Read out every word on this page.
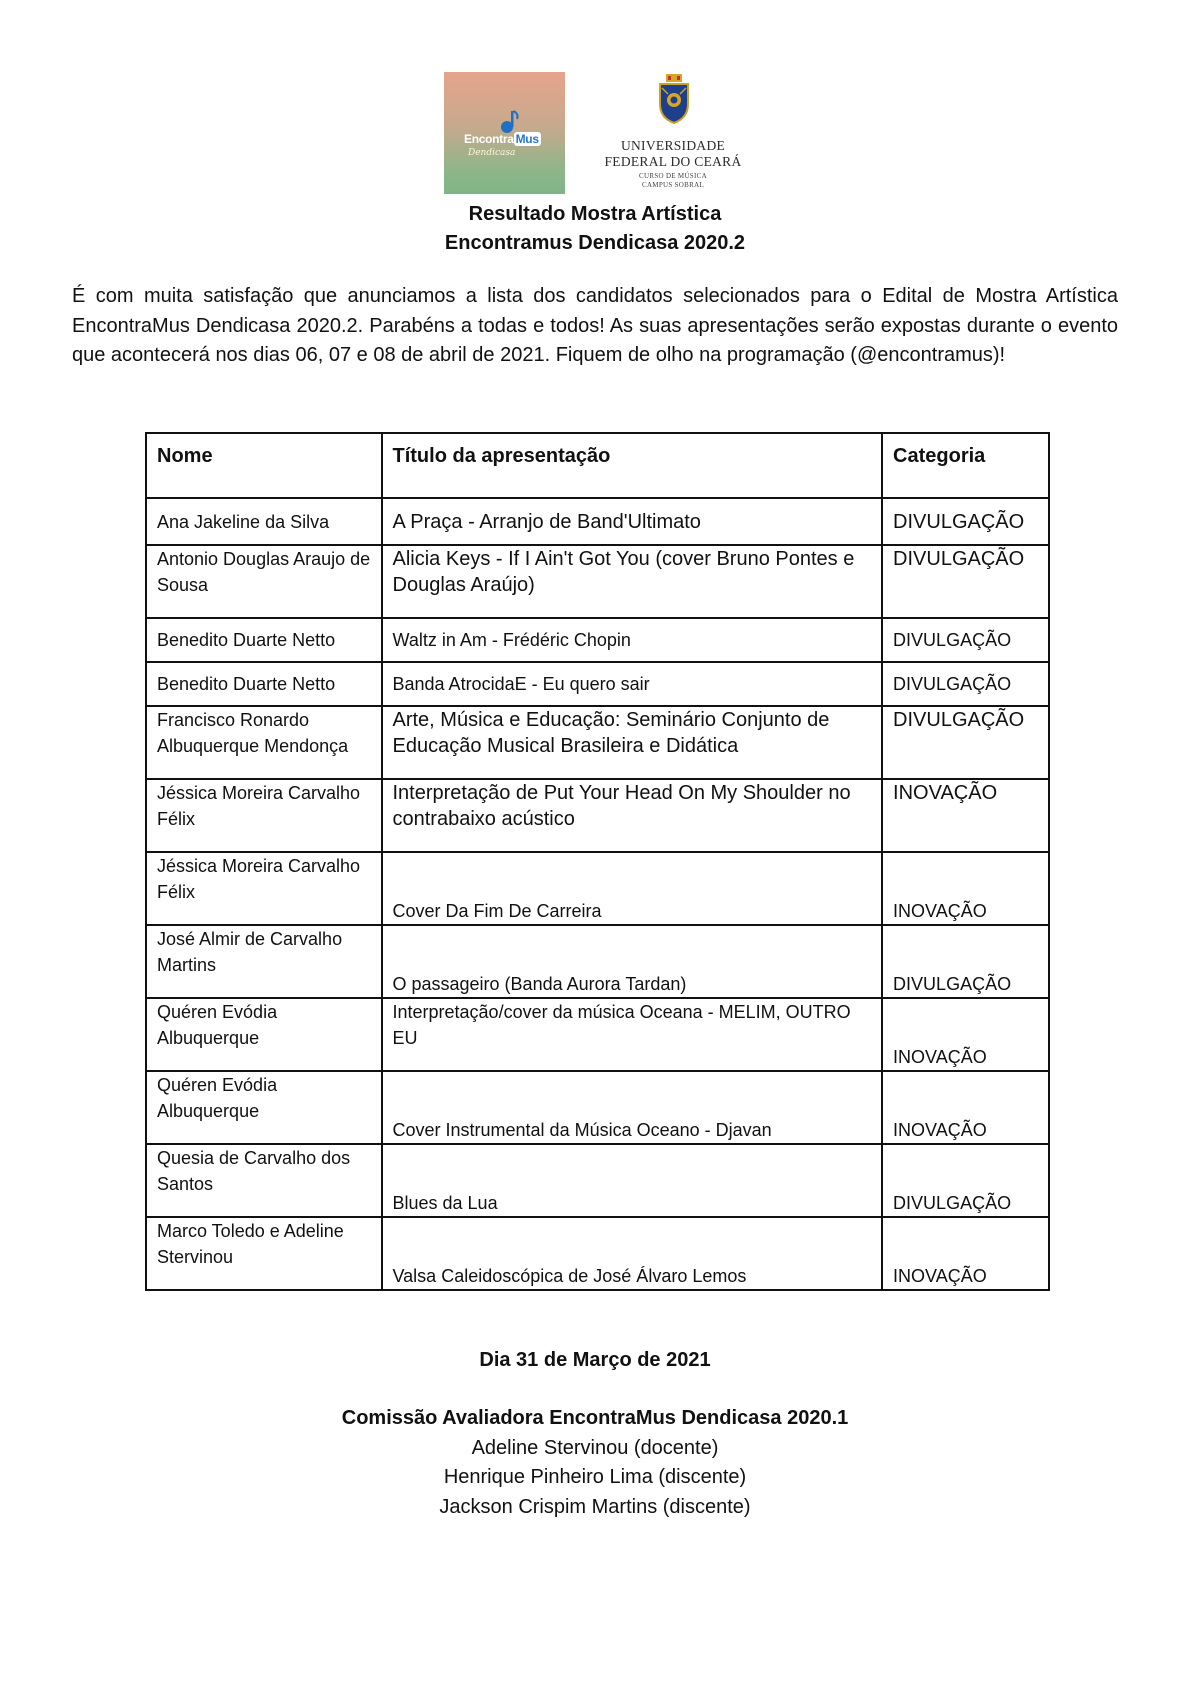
Encontra Mus
Dendicasa	UNIVERSIDADE
FEDERAL DO CEARÁ
CURSO DE MÚSICA
CAMPUS SOBRAL
Resultado Mostra Artística
Encontramus Dendicasa 2020.2

É com muita satisfação que anunciamos a lista dos candidatos selecionados para o Edital de Mostra Artística EncontraMus Dendicasa 2020.2. Parabéns a todas e todos! As suas apresentações serão expostas durante o evento que acontecerá nos dias 06, 07 e 08 de abril de 2021. Fiquem de olho na programação (@encontramus)!

Nome	Título da apresentação	Categoria
Ana Jakeline da Silva	A Praça - Arranjo de Band'Ultimato	DIVULGAÇÃO
Antonio Douglas Araujo de Sousa	Alicia Keys - If I Ain't Got You (cover Bruno Pontes e Douglas Araújo)	DIVULGAÇÃO
Benedito Duarte Netto	Waltz in Am - Frédéric Chopin	DIVULGAÇÃO
Benedito Duarte Netto	Banda AtrocidaE - Eu quero sair	DIVULGAÇÃO
Francisco Ronardo Albuquerque Mendonça	Arte, Música e Educação: Seminário Conjunto de Educação Musical Brasileira e Didática	DIVULGAÇÃO
Jéssica Moreira Carvalho Félix	Interpretação de Put Your Head On My Shoulder no contrabaixo acústico	INOVAÇÃO
Jéssica Moreira Carvalho Félix	Cover Da Fim De Carreira	INOVAÇÃO
José Almir de Carvalho Martins	O passageiro (Banda Aurora Tardan)	DIVULGAÇÃO
Quéren Evódia Albuquerque	Interpretação/cover da música Oceana - MELIM, OUTRO EU	INOVAÇÃO
Quéren Evódia Albuquerque	Cover Instrumental da Música Oceano - Djavan	INOVAÇÃO
Quesia de Carvalho dos Santos	Blues da Lua	DIVULGAÇÃO
Marco Toledo e Adeline Stervinou	Valsa Caleidoscópica de José Álvaro Lemos	INOVAÇÃO
Dia 31 de Março de 2021
Comissão Avaliadora EncontraMus Dendicasa 2020.1
Adeline Stervinou (docente)
Henrique Pinheiro Lima (discente)
Jackson Crispim Martins (discente)
